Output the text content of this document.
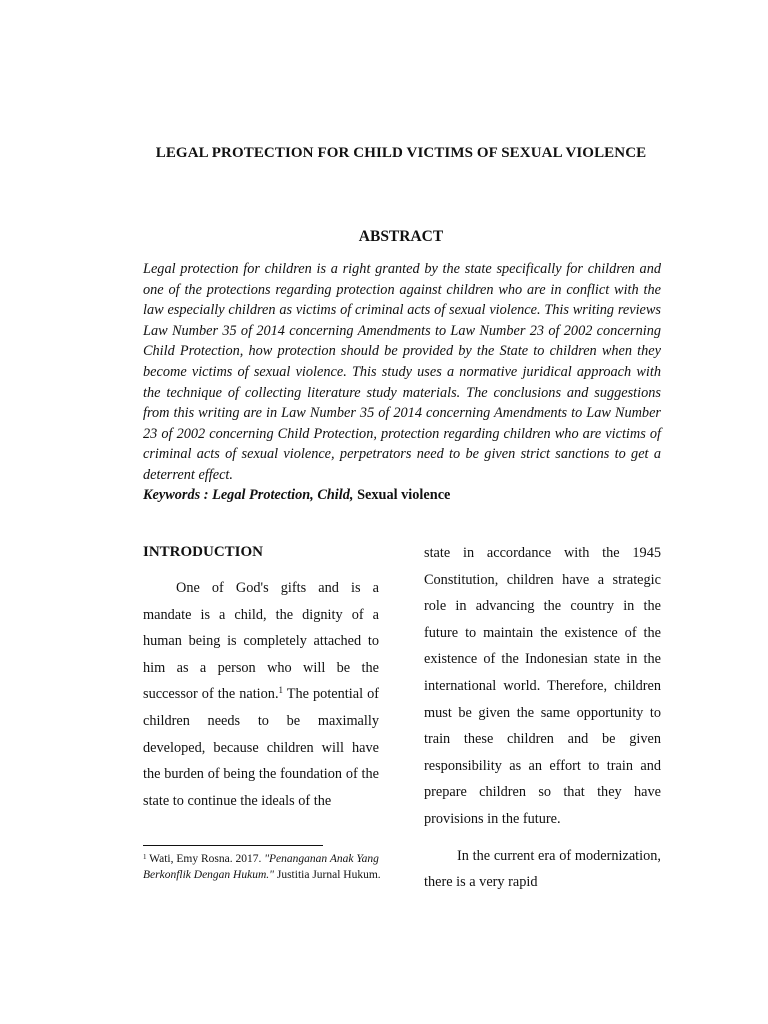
LEGAL PROTECTION FOR CHILD VICTIMS OF SEXUAL VIOLENCE
ABSTRACT
Legal protection for children is a right granted by the state specifically for children and one of the protections regarding protection against children who are in conflict with the law especially children as victims of criminal acts of sexual violence. This writing reviews Law Number 35 of 2014 concerning Amendments to Law Number 23 of 2002 concerning Child Protection, how protection should be provided by the State to children when they become victims of sexual violence. This study uses a normative juridical approach with the technique of collecting literature study materials. The conclusions and suggestions from this writing are in Law Number 35 of 2014 concerning Amendments to Law Number 23 of 2002 concerning Child Protection, protection regarding children who are victims of criminal acts of sexual violence, perpetrators need to be given strict sanctions to get a deterrent effect.
Keywords : Legal Protection, Child, Sexual violence
INTRODUCTION

One of God's gifts and is a mandate is a child, the dignity of a human being is completely attached to him as a person who will be the successor of the nation.$^1$ The potential of children needs to be maximally developed, because children will have the burden of being the foundation of the state to continue the ideals of the

$^1$ Wati, Emy Rosna. 2017. "Penanganan Anak Yang Berkonflik Dengan Hukum." Justitia Jurnal Hukum.

state in accordance with the 1945 Constitution, children have a strategic role in advancing the country in the future to maintain the existence of the existence of the Indonesian state in the international world. Therefore, children must be given the same opportunity to train these children and be given responsibility as an effort to train and prepare children so that they have provisions in the future.

In the current era of modernization, there is a very rapid
